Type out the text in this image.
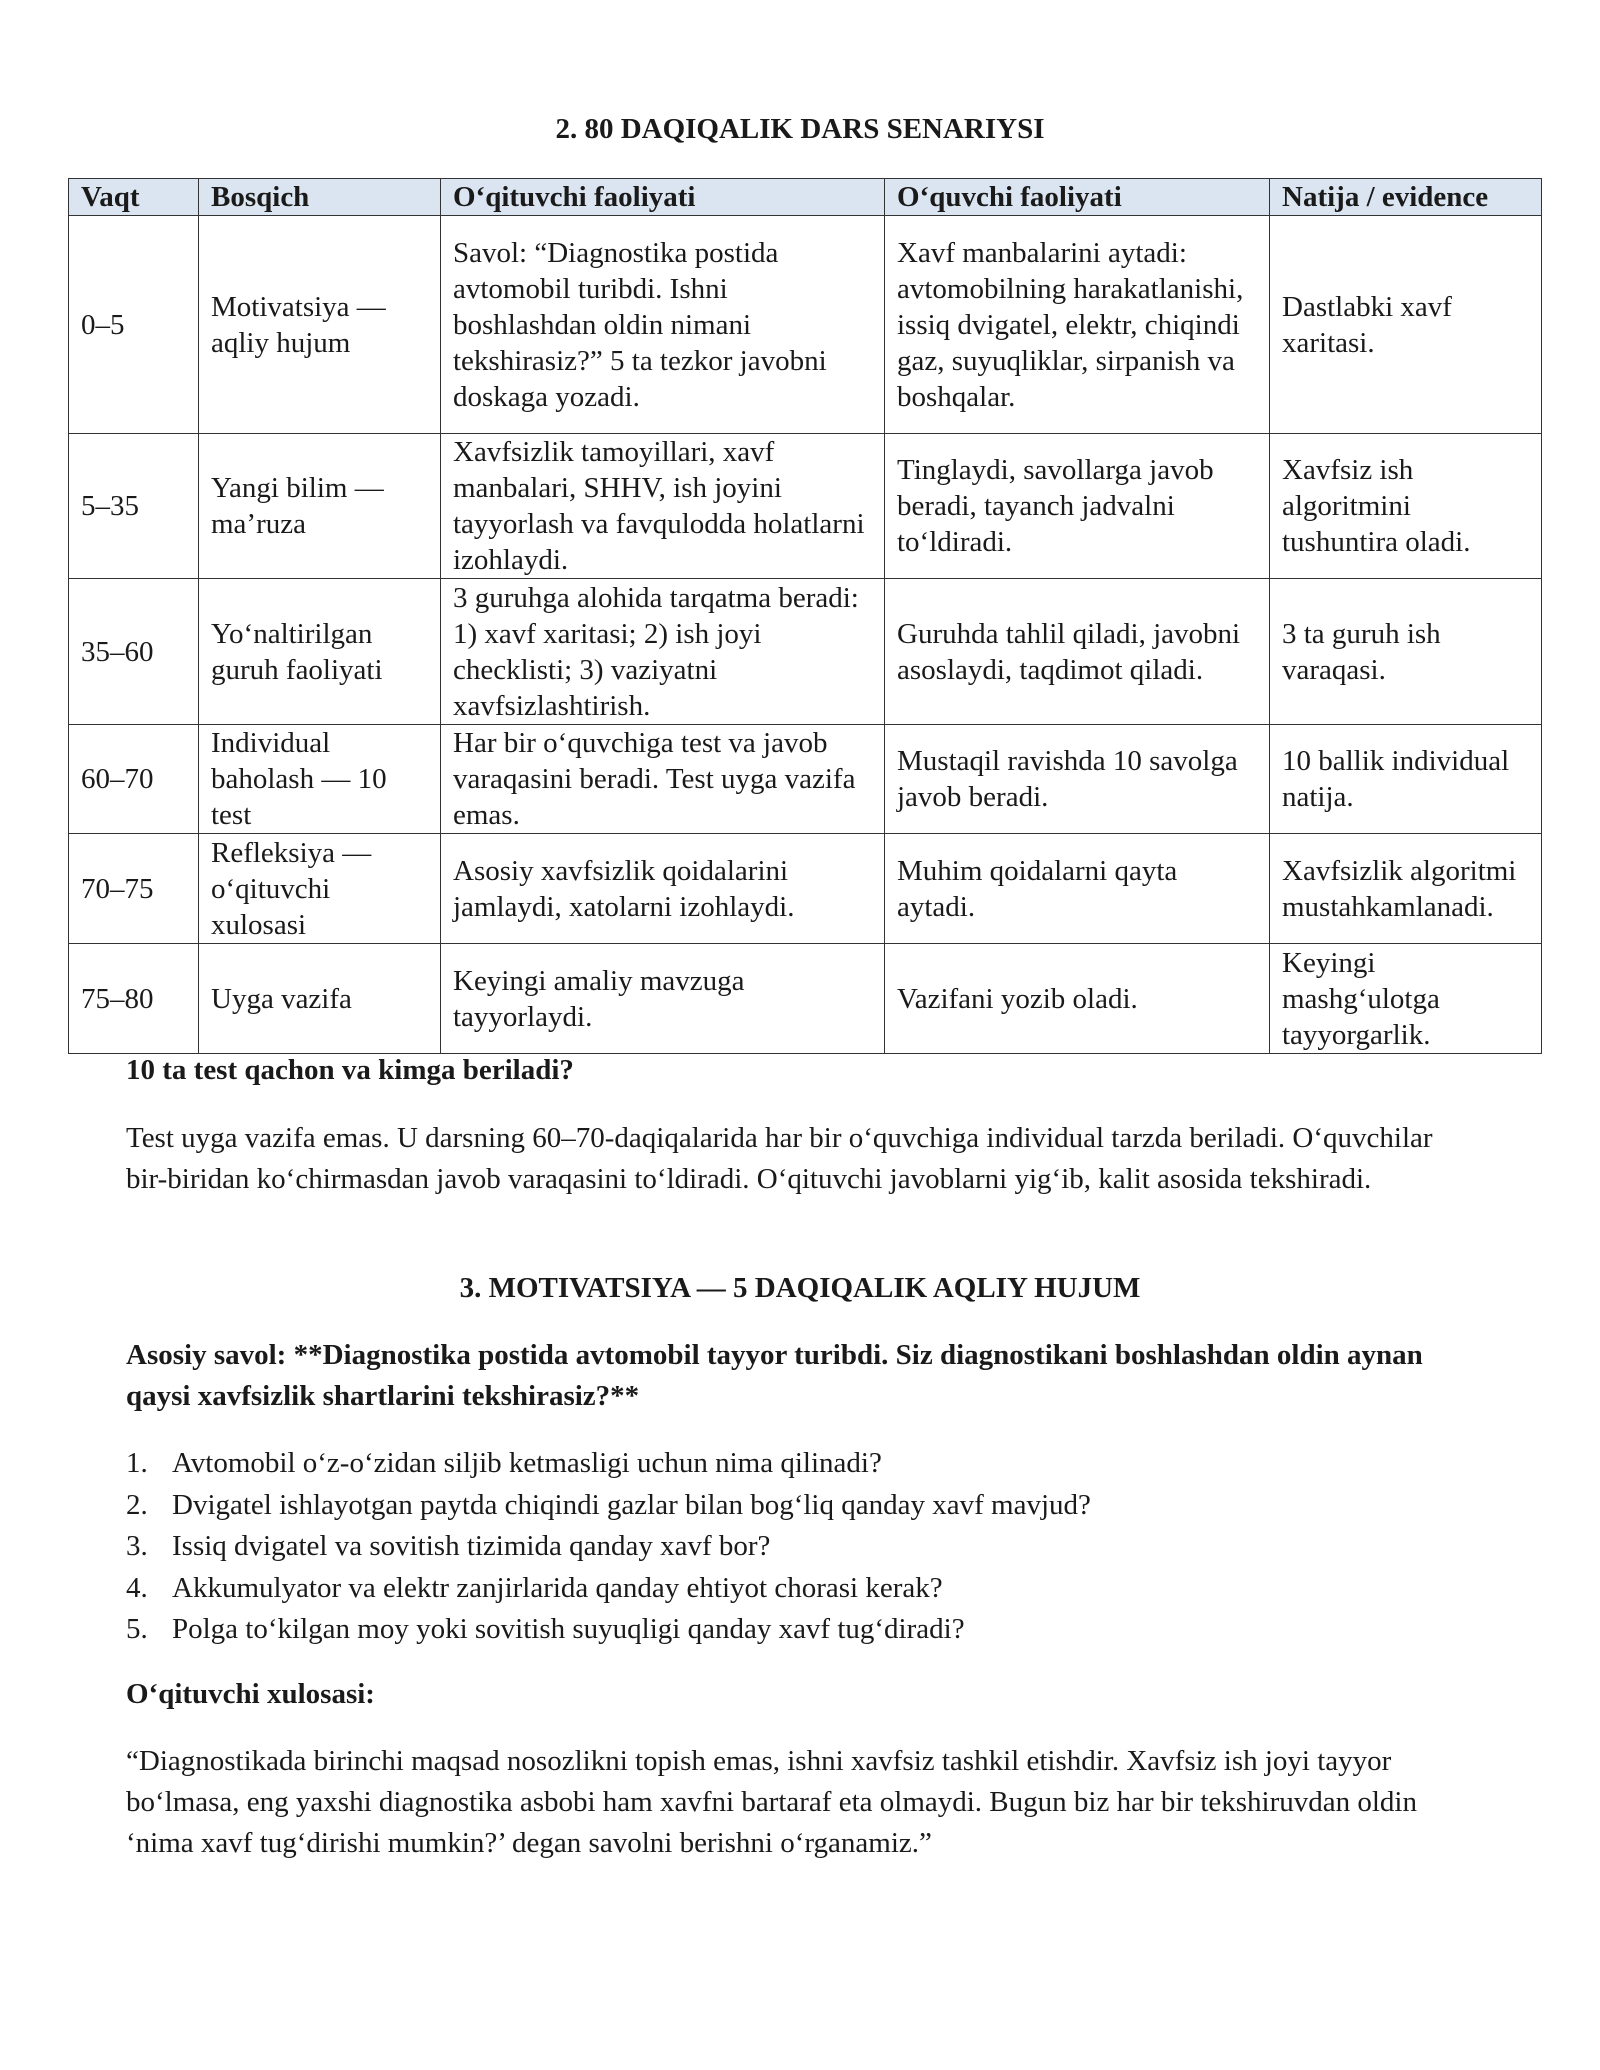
2. 80 DAQIQALIK DARS SENARIYSI
Vaqt	Bosqich	O‘qituvchi faoliyati	O‘quvchi faoliyati	Natija / evidence
0–5	Motivatsiya — aqliy hujum	Savol: “Diagnostika postida avtomobil turibdi. Ishni boshlashdan oldin nimani tekshirasiz?” 5 ta tezkor javobni doskaga yozadi.	Xavf manbalarini aytadi: avtomobilning harakatlanishi, issiq dvigatel, elektr, chiqindi gaz, suyuqliklar, sirpanish va boshqalar.	Dastlabki xavf xaritasi.
5–35	Yangi bilim — ma’ruza	Xavfsizlik tamoyillari, xavf manbalari, SHHV, ish joyini tayyorlash va favqulodda holatlarni izohlaydi.	Tinglaydi, savollarga javob beradi, tayanch jadvalni to‘ldiradi.	Xavfsiz ish algoritmini tushuntira oladi.
35–60	Yo‘naltirilgan guruh faoliyati	3 guruhga alohida tarqatma beradi: 1) xavf xaritasi; 2) ish joyi checklisti; 3) vaziyatni xavfsizlashtirish.	Guruhda tahlil qiladi, javobni asoslaydi, taqdimot qiladi.	3 ta guruh ish varaqasi.
60–70	Individual baholash — 10 test	Har bir o‘quvchiga test va javob varaqasini beradi. Test uyga vazifa emas.	Mustaqil ravishda 10 savolga javob beradi.	10 ballik individual natija.
70–75	Refleksiya — o‘qituvchi xulosasi	Asosiy xavfsizlik qoidalarini jamlaydi, xatolarni izohlaydi.	Muhim qoidalarni qayta aytadi.	Xavfsizlik algoritmi mustahkamlanadi.
75–80	Uyga vazifa	Keyingi amaliy mavzuga tayyorlaydi.	Vazifani yozib oladi.	Keyingi mashg‘ulotga tayyorgarlik.
10 ta test qachon va kimga beriladi?
Test uyga vazifa emas. U darsning 60–70-daqiqalarida har bir o‘quvchiga individual tarzda beriladi. O‘quvchilar bir-biridan ko‘chirmasdan javob varaqasini to‘ldiradi. O‘qituvchi javoblarni yig‘ib, kalit asosida tekshiradi.
3. MOTIVATSIYA — 5 DAQIQALIK AQLIY HUJUM
Asosiy savol: **Diagnostika postida avtomobil tayyor turibdi. Siz diagnostikani boshlashdan oldin aynan qaysi xavfsizlik shartlarini tekshirasiz?**
1. Avtomobil o‘z-o‘zidan siljib ketmasligi uchun nima qilinadi?
2. Dvigatel ishlayotgan paytda chiqindi gazlar bilan bog‘liq qanday xavf mavjud?
3. Issiq dvigatel va sovitish tizimida qanday xavf bor?
4. Akkumulyator va elektr zanjirlarida qanday ehtiyot chorasi kerak?
5. Polga to‘kilgan moy yoki sovitish suyuqligi qanday xavf tug‘diradi?
O‘qituvchi xulosasi:
“Diagnostikada birinchi maqsad nosozlikni topish emas, ishni xavfsiz tashkil etishdir. Xavfsiz ish joyi tayyor bo‘lmasa, eng yaxshi diagnostika asbobi ham xavfni bartaraf eta olmaydi. Bugun biz har bir tekshiruvdan oldin ‘nima xavf tug‘dirishi mumkin?’ degan savolni berishni o‘rganamiz.”
